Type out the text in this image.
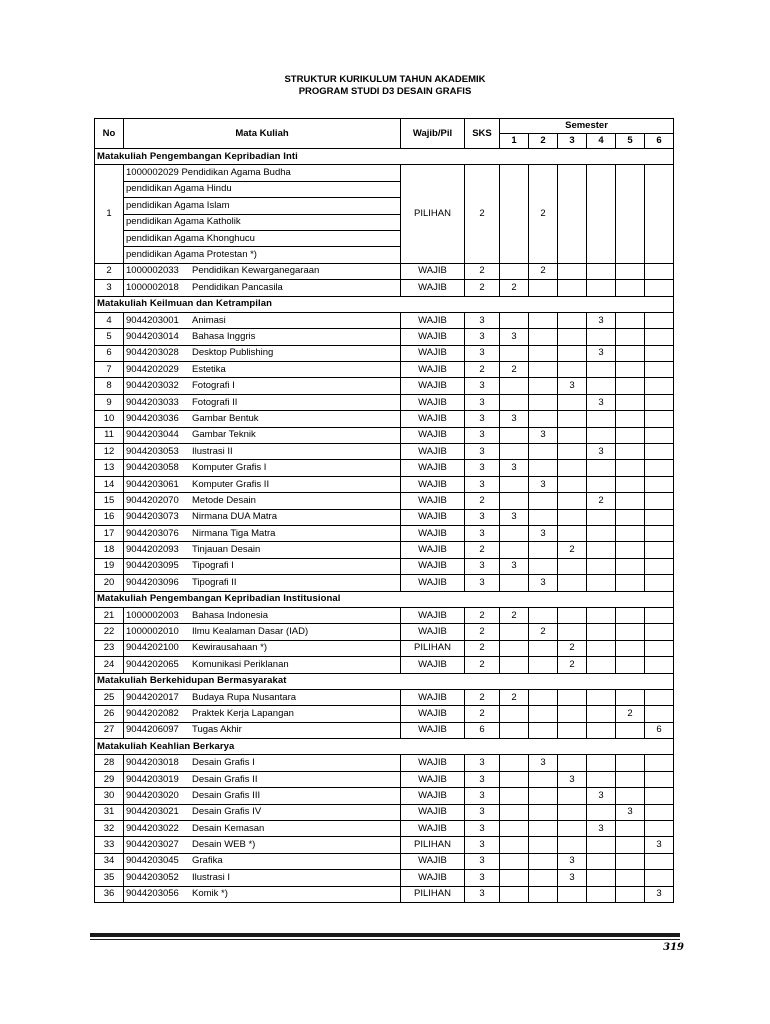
STRUKTUR KURIKULUM TAHUN AKADEMIK
PROGRAM STUDI D3 DESAIN GRAFIS
No	Mata Kuliah	Wajib/Pil	SKS	Semester					
				1	2	3	4	5	6
Matakuliah Pengembangan Kepribadian Inti									
1	1000002029 Pendidikan Agama Budha	PILIHAN	2		2				
	pendidikan Agama Hindu								
	pendidikan Agama Islam								
	pendidikan Agama Katholik								
	pendidikan Agama Khonghucu								
	pendidikan Agama Protestan *)								
2	1000002033 Pendidikan Kewarganegaraan	WAJIB	2		2				
3	1000002018 Pendidikan Pancasila	WAJIB	2	2					
Matakuliah Keilmuan dan Ketrampilan									
4	9044203001 Animasi	WAJIB	3				3		
5	9044203014 Bahasa Inggris	WAJIB	3	3					
6	9044203028 Desktop Publishing	WAJIB	3				3		
7	9044202029 Estetika	WAJIB	2	2					
8	9044203032 Fotografi I	WAJIB	3			3			
9	9044203033 Fotografi II	WAJIB	3				3		
10	9044203036 Gambar Bentuk	WAJIB	3	3					
11	9044203044 Gambar Teknik	WAJIB	3		3				
12	9044203053 Ilustrasi II	WAJIB	3				3		
13	9044203058 Komputer Grafis I	WAJIB	3	3					
14	9044203061 Komputer Grafis II	WAJIB	3		3				
15	9044202070 Metode Desain	WAJIB	2				2		
16	9044203073 Nirmana DUA Matra	WAJIB	3	3					
17	9044203076 Nirmana Tiga Matra	WAJIB	3		3				
18	9044202093 Tinjauan Desain	WAJIB	2			2			
19	9044203095 Tipografi I	WAJIB	3	3					
20	9044203096 Tipografi II	WAJIB	3		3				
Matakuliah Pengembangan Kepribadian Institusional									
21	1000002003 Bahasa Indonesia	WAJIB	2	2					
22	1000002010 Ilmu Kealaman Dasar (IAD)	WAJIB	2		2				
23	9044202100 Kewirausahaan *)	PILIHAN	2			2			
24	9044202065 Komunikasi Periklanan	WAJIB	2			2			
Matakuliah Berkehidupan Bermasyarakat									
25	9044202017 Budaya Rupa Nusantara	WAJIB	2	2					
26	9044202082 Praktek Kerja Lapangan	WAJIB	2					2	
27	9044206097 Tugas Akhir	WAJIB	6						6
Matakuliah Keahlian Berkarya									
28	9044203018 Desain Grafis I	WAJIB	3		3				
29	9044203019 Desain Grafis II	WAJIB	3			3			
30	9044203020 Desain Grafis III	WAJIB	3				3		
31	9044203021 Desain Grafis IV	WAJIB	3					3	
32	9044203022 Desain Kemasan	WAJIB	3				3		
33	9044203027 Desain WEB *)	PILIHAN	3						3
34	9044203045 Grafika	WAJIB	3			3			
35	9044203052 Ilustrasi I	WAJIB	3			3			
36	9044203056 Komik *)	PILIHAN	3						3
319
